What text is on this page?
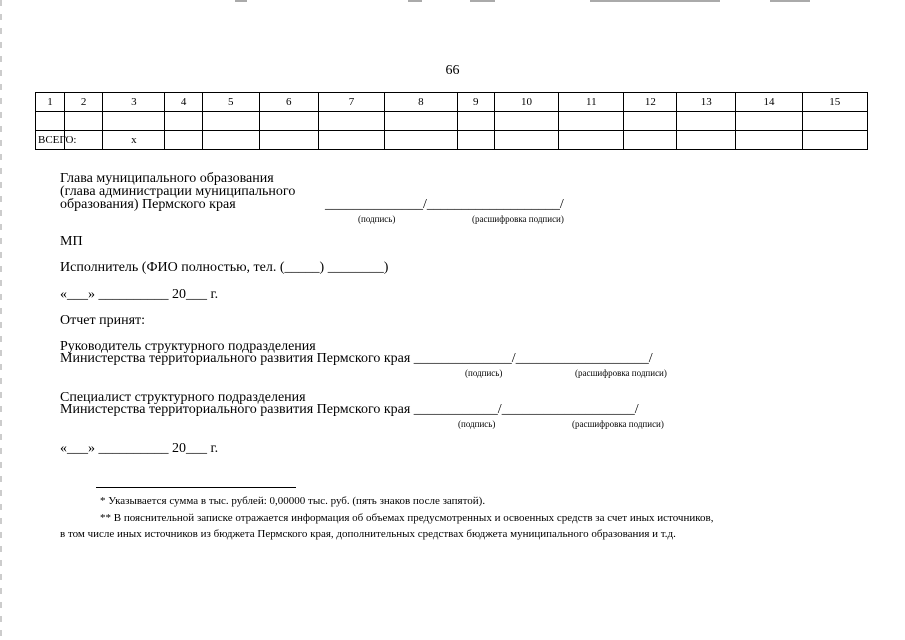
66
1	2	3	4	5	6	7	8	9	10	11	12	13	14	15

ВСЕГО:		x												
Глава муниципального образования
(глава администрации муниципального
образования) Пермского края	______________/___________________/
(подпись)	(расшифровка подписи)
МП
Исполнитель (ФИО полностью, тел. (_____) ________)
«___» __________ 20___ г.
Отчет принят:
Руководитель структурного подразделения
Министерства территориального развития Пермского края ______________/___________________/
(подпись)	(расшифровка подписи)
Специалист структурного подразделения
Министерства территориального развития Пермского края ____________/___________________/
(подпись)	(расшифровка подписи)
«___» __________ 20___ г.
* Указывается сумма в тыс. рублей: 0,00000 тыс. руб. (пять знаков после запятой).
** В пояснительной записке отражается информация об объемах предусмотренных и освоенных средств за счет иных источников,
в том числе иных источников из бюджета Пермского края, дополнительных средствах бюджета муниципального образования и т.д.
